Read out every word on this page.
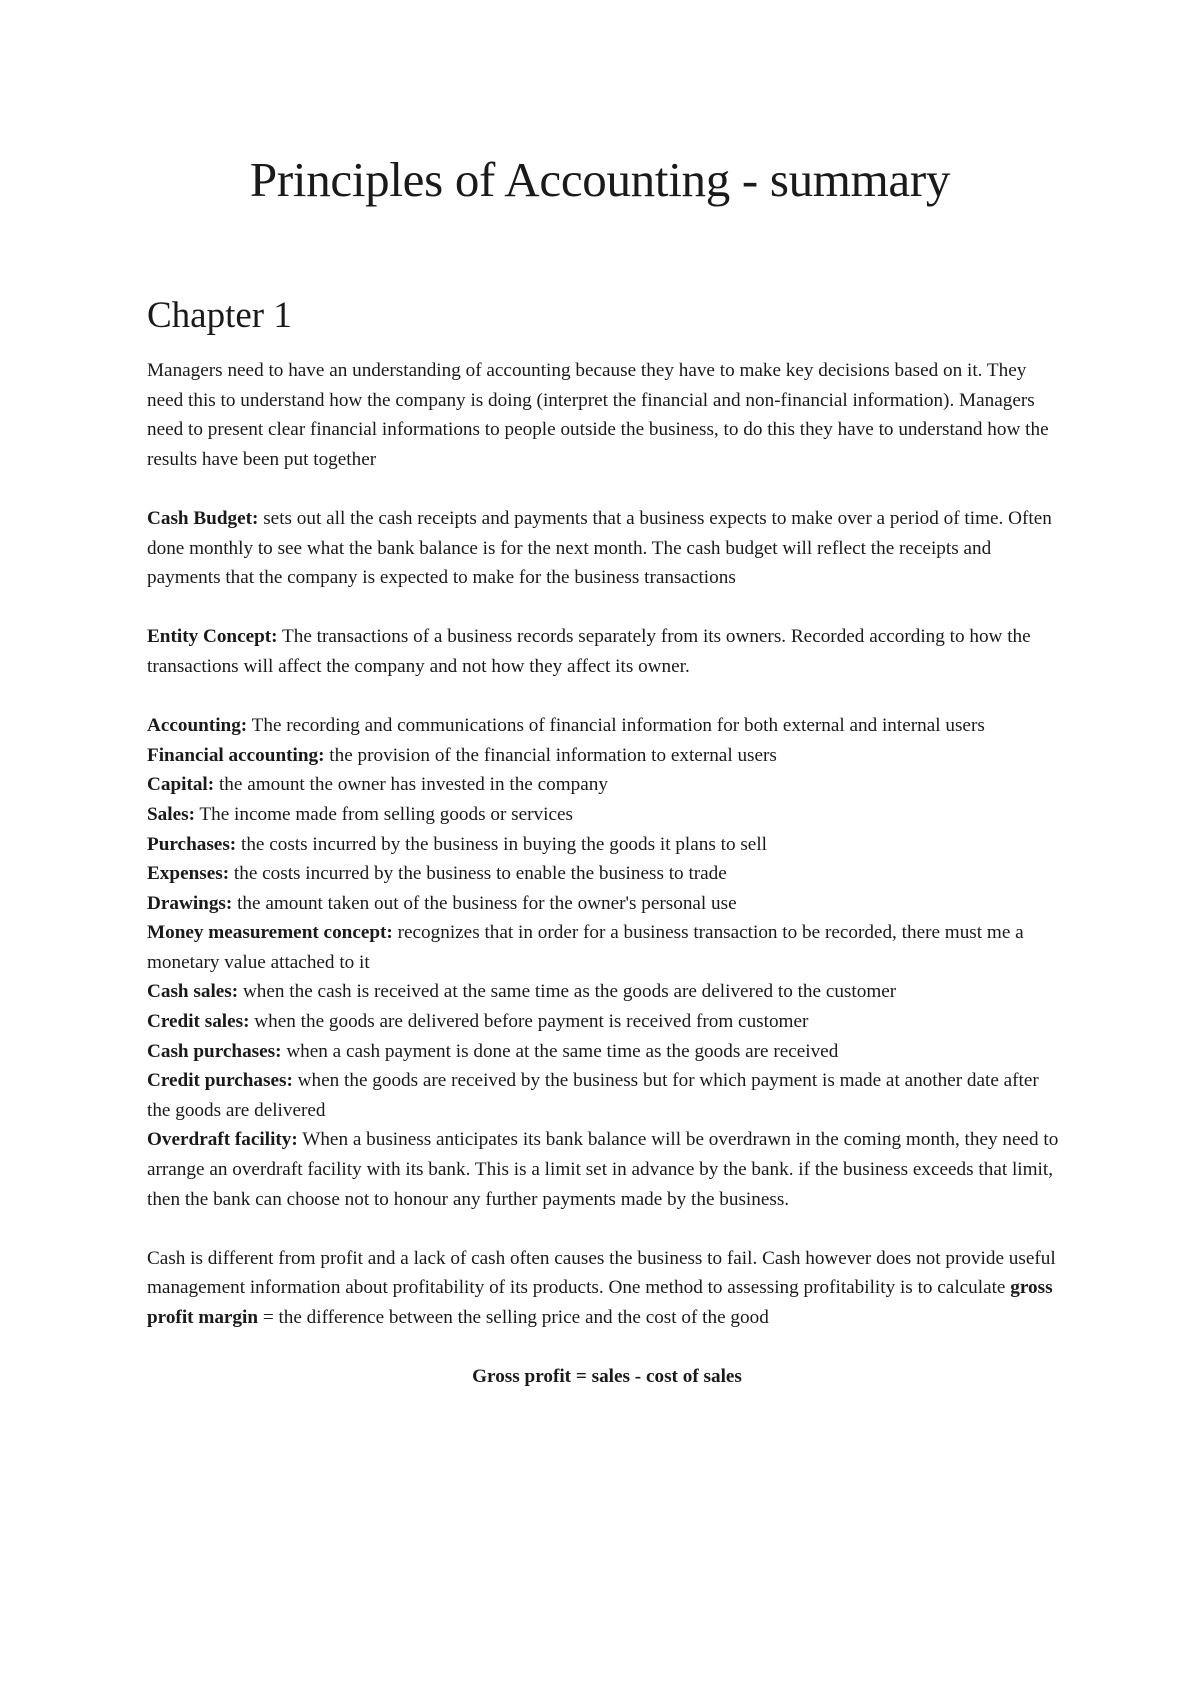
Principles of Accounting - summary
Chapter 1

Managers need to have an understanding of accounting because they have to make key decisions based on it. They need this to understand how the company is doing (interpret the financial and non-financial information). Managers need to present clear financial informations to people outside the business, to do this they have to understand how the results have been put together

Cash Budget: sets out all the cash receipts and payments that a business expects to make over a period of time. Often done monthly to see what the bank balance is for the next month. The cash budget will reflect the receipts and payments that the company is expected to make for the business transactions

Entity Concept: The transactions of a business records separately from its owners. Recorded according to how the transactions will affect the company and not how they affect its owner.

Accounting: The recording and communications of financial information for both external and internal users

Financial accounting: the provision of the financial information to external users

Capital: the amount the owner has invested in the company

Sales: The income made from selling goods or services

Purchases: the costs incurred by the business in buying the goods it plans to sell

Expenses: the costs incurred by the business to enable the business to trade

Drawings: the amount taken out of the business for the owner's personal use

Money measurement concept: recognizes that in order for a business transaction to be recorded, there must me a monetary value attached to it

Cash sales: when the cash is received at the same time as the goods are delivered to the customer

Credit sales: when the goods are delivered before payment is received from customer

Cash purchases: when a cash payment is done at the same time as the goods are received

Credit purchases: when the goods are received by the business but for which payment is made at another date after the goods are delivered

Overdraft facility: When a business anticipates its bank balance will be overdrawn in the coming month, they need to arrange an overdraft facility with its bank. This is a limit set in advance by the bank. if the business exceeds that limit, then the bank can choose not to honour any further payments made by the business.

Cash is different from profit and a lack of cash often causes the business to fail. Cash however does not provide useful management information about profitability of its products. One method to assessing profitability is to calculate gross profit margin = the difference between the selling price and the cost of the good

Gross profit = sales - cost of sales
